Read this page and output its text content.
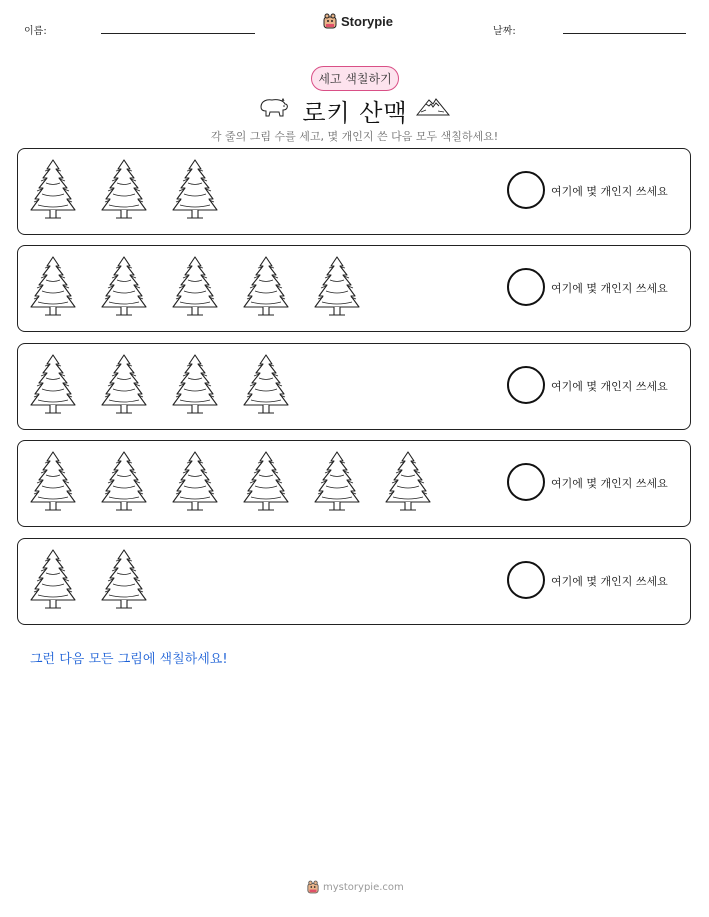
이름:
Storypie
날짜:
세고 색칠하기
로키 산맥
각 줄의 그림 수를 세고, 몇 개인지 쓴 다음 모두 색칠하세요!
여기에 몇 개인지 쓰세요
여기에 몇 개인지 쓰세요
여기에 몇 개인지 쓰세요
여기에 몇 개인지 쓰세요
여기에 몇 개인지 쓰세요
그런 다음 모든 그림에 색칠하세요!
mystorypie.com
